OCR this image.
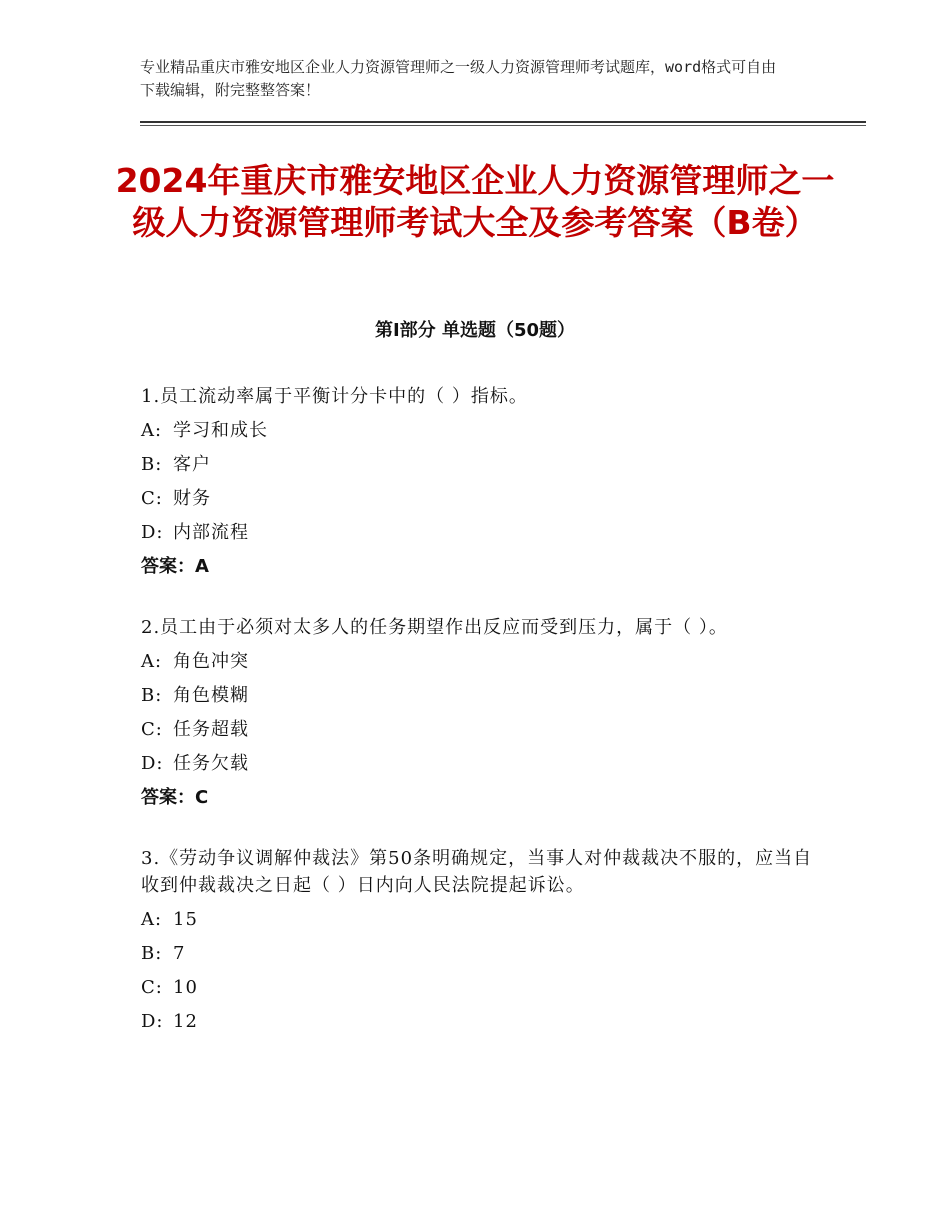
专业精品重庆市雅安地区企业人力资源管理师之一级人力资源管理师考试题库，word格式可自由下载编辑，附完整整答案！
2024年重庆市雅安地区企业人力资源管理师之一级人力资源管理师考试大全及参考答案（B卷）
第Ⅰ部分 单选题（50题）
1.员工流动率属于平衡计分卡中的（ ）指标。
A: 学习和成长
B: 客户
C: 财务
D: 内部流程
答案：A
2.员工由于必须对太多人的任务期望作出反应而受到压力，属于（ ）。
A: 角色冲突
B: 角色模糊
C: 任务超载
D: 任务欠载
答案：C
3.《劳动争议调解仲裁法》第50条明确规定，当事人对仲裁裁决不服的，应当自收到仲裁裁决之日起（ ）日内向人民法院提起诉讼。
A: 15
B: 7
C: 10
D: 12
